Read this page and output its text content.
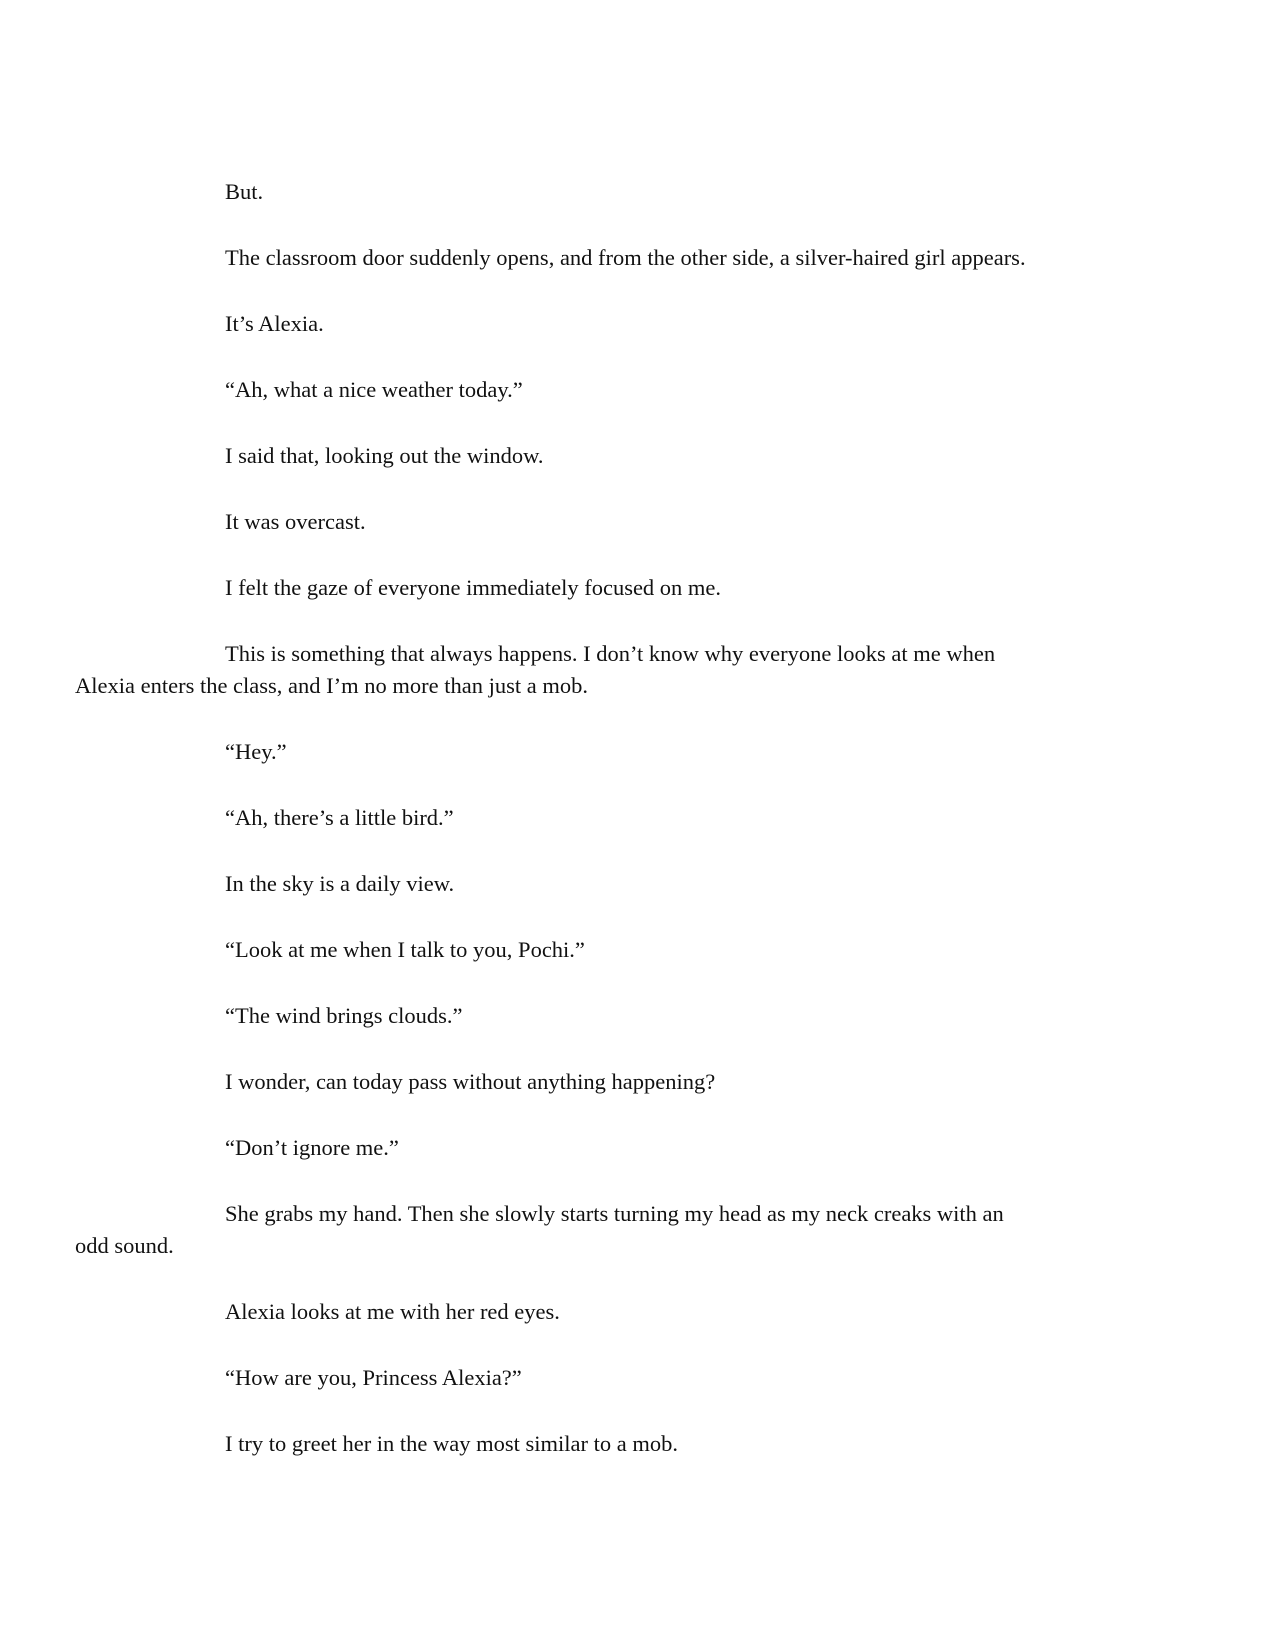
But.

The classroom door suddenly opens, and from the other side, a silver-haired girl appears.

It’s Alexia.

“Ah, what a nice weather today.”

I said that, looking out the window.

It was overcast.

I felt the gaze of everyone immediately focused on me.

This is something that always happens. I don’t know why everyone looks at me when
Alexia enters the class, and I’m no more than just a mob.

“Hey.”

“Ah, there’s a little bird.”

In the sky is a daily view.

“Look at me when I talk to you, Pochi.”

“The wind brings clouds.”

I wonder, can today pass without anything happening?

“Don’t ignore me.”

She grabs my hand. Then she slowly starts turning my head as my neck creaks with an
odd sound.

Alexia looks at me with her red eyes.

“How are you, Princess Alexia?”

I try to greet her in the way most similar to a mob.
